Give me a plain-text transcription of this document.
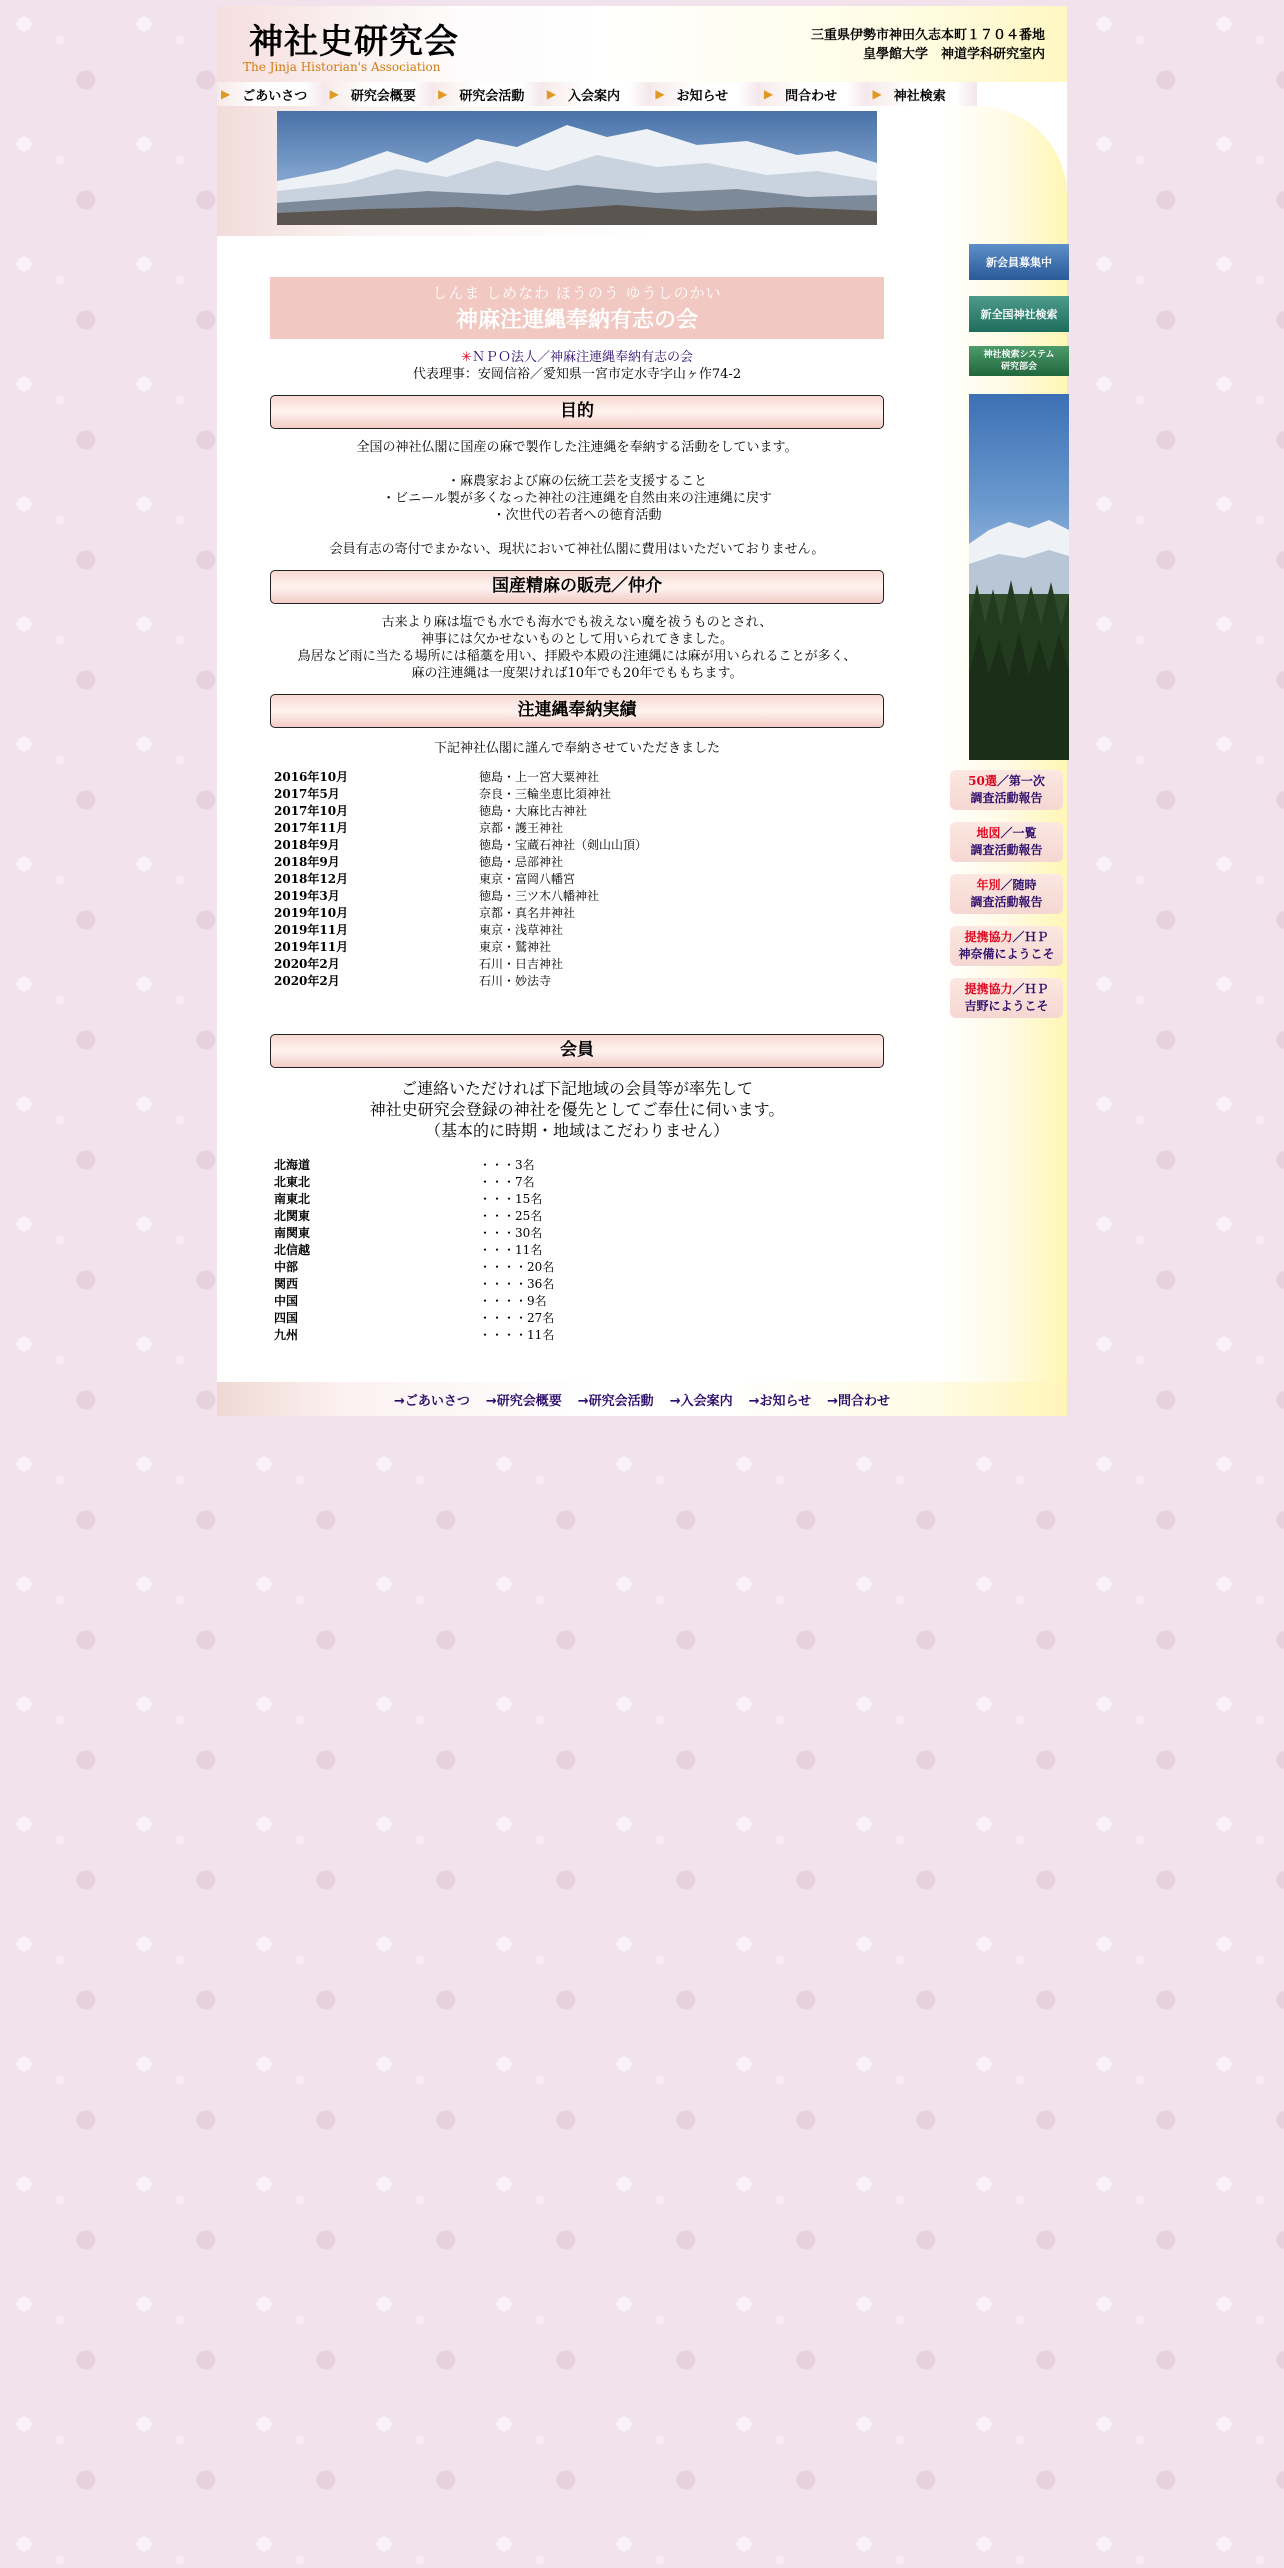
神社史研究会
The Jinja Historian's Association
三重県伊勢市神田久志本町１７０４番地
皇學館大学　神道学科研究室内
▶ ごあいさつ ▶ 研究会概要 ▶ 研究会活動 ▶ 入会案内	▶ お知らせ	▶ 問合わせ	▶ 神社検索
新会員募集中
新全国神社検索
神社検索システム
研究部会
50選／第一次
調査活動報告
地図／一覧
調査活動報告
年別／随時
調査活動報告
提携協力／ＨＰ
神奈備にようこそ
提携協力／ＨＰ
吉野にようこそ
しんま しめなわ ほうのう ゆうしのかい
神麻注連縄奉納有志の会
✳ＮＰＯ法人／神麻注連縄奉納有志の会
代表理事：安岡信裕／愛知県一宮市定水寺字山ヶ作74-2
目的
全国の神社仏閣に国産の麻で製作した注連縄を奉納する活動をしています。
・麻農家および麻の伝統工芸を支援すること
・ビニール製が多くなった神社の注連縄を自然由来の注連縄に戻す
・次世代の若者への徳育活動
会員有志の寄付でまかない、現状において神社仏閣に費用はいただいておりません。
国産精麻の販売／仲介
古来より麻は塩でも水でも海水でも祓えない魔を祓うものとされ、
神事には欠かせないものとして用いられてきました。
鳥居など雨に当たる場所には稲藁を用い、拝殿や本殿の注連縄には麻が用いられることが多く、
麻の注連縄は一度架ければ10年でも20年でももちます。
注連縄奉納実績
下記神社仏閣に謹んで奉納させていただきました
2016年10月	徳島・上一宮大粟神社
2017年5月	奈良・三輪坐恵比須神社
2017年10月	徳島・大麻比古神社
2017年11月	京都・護王神社
2018年9月	徳島・宝蔵石神社（剣山山頂）
2018年9月	徳島・忌部神社
2018年12月	東京・富岡八幡宮
2019年3月	徳島・三ツ木八幡神社
2019年10月	京都・真名井神社
2019年11月	東京・浅草神社
2019年11月	東京・鷲神社
2020年2月	石川・日吉神社
2020年2月	石川・妙法寺
会員
ご連絡いただければ下記地域の会員等が率先して
神社史研究会登録の神社を優先としてご奉仕に伺います。
（基本的に時期・地域はこだわりません）
北海道	・・・3名
北東北	・・・7名
南東北	・・・15名
北関東	・・・25名
南関東	・・・30名
北信越	・・・11名
中部	・・・・20名
関西	・・・・36名
中国	・・・・9名
四国	・・・・27名
九州	・・・・11名
→ごあいさつ →研究会概要 →研究会活動 →入会案内 →お知らせ →問合わせ
